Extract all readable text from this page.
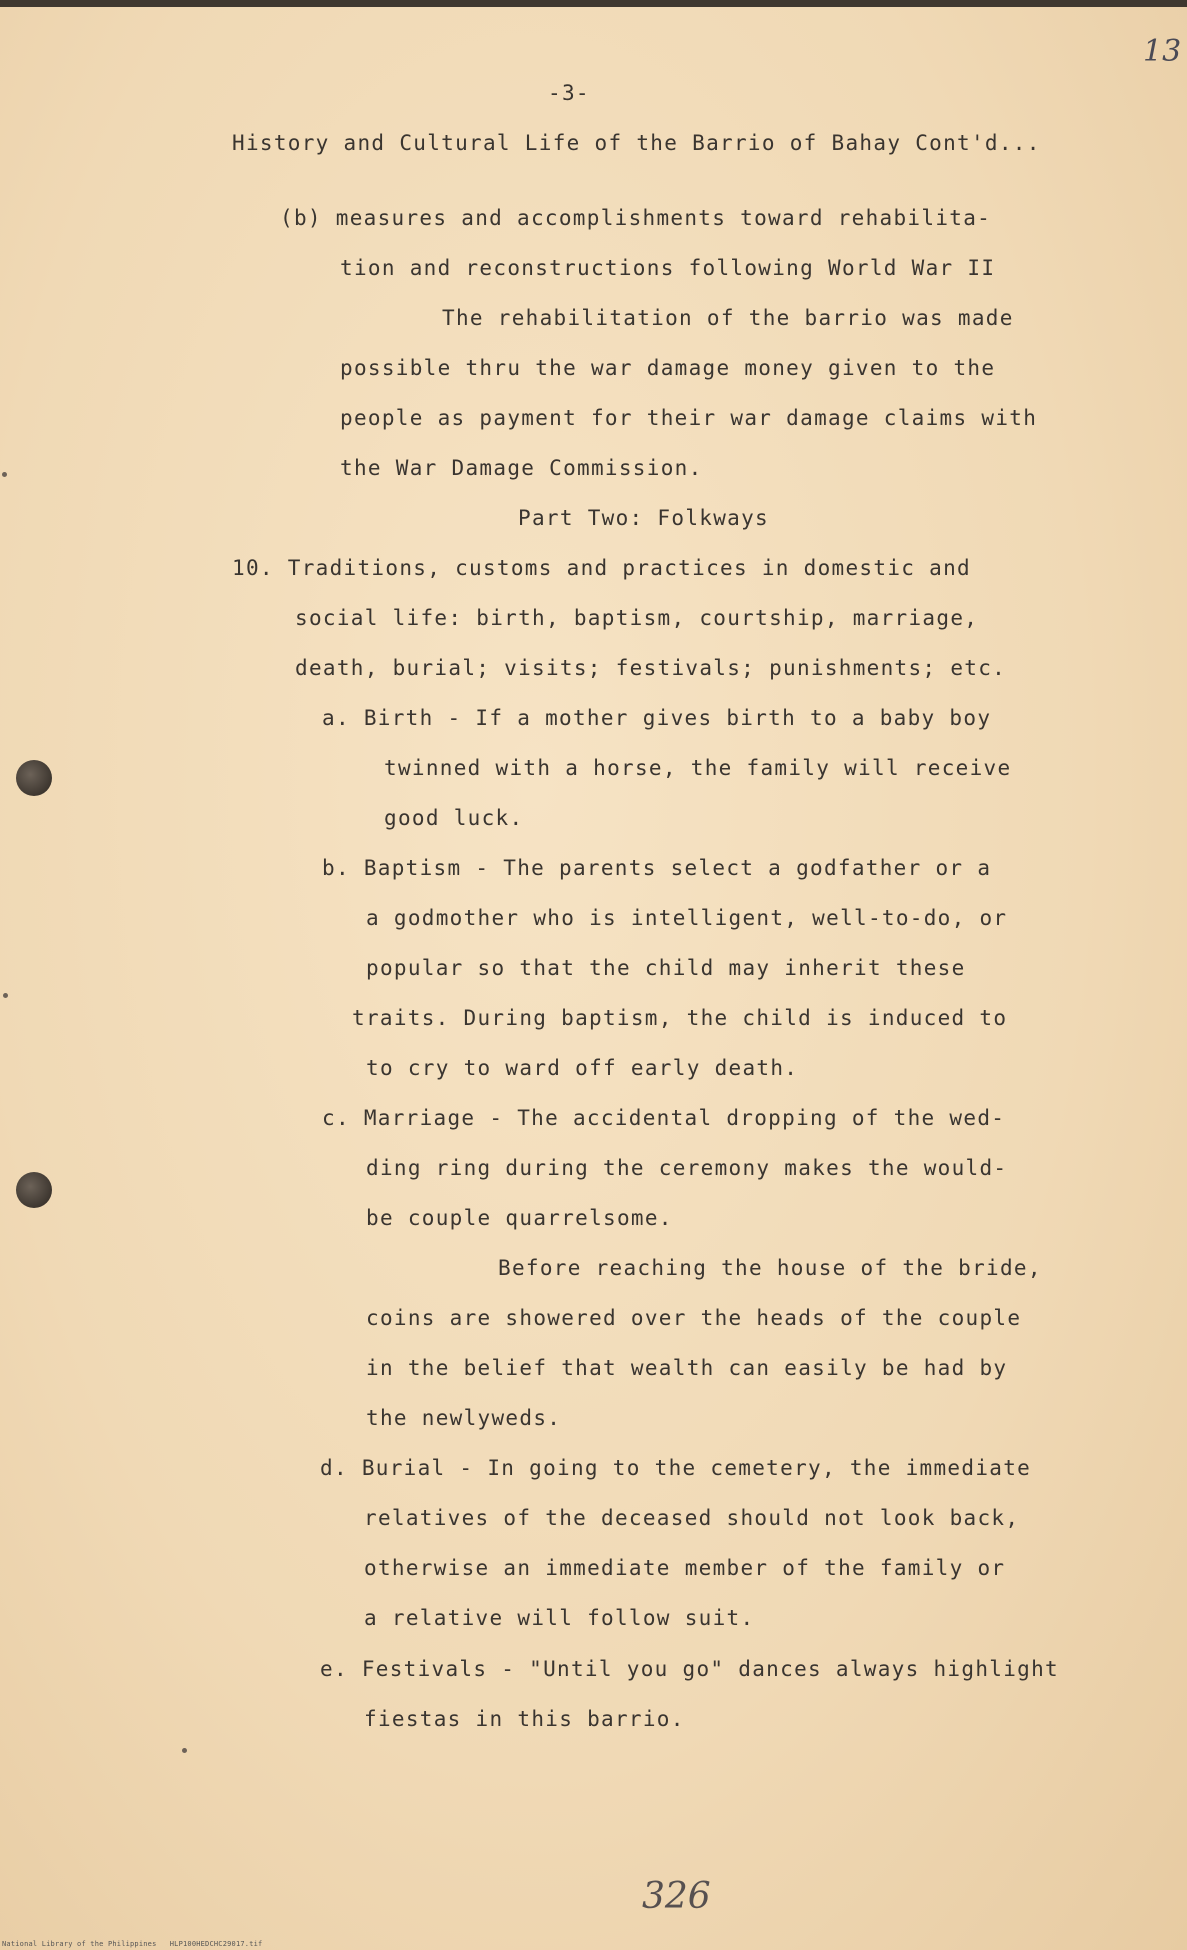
13
-3-
History and Cultural Life of the Barrio of Bahay Cont'd...
(b) measures and accomplishments toward rehabilita-
tion and reconstructions following World War II
The rehabilitation of the barrio was made
possible thru the war damage money given to the
people as payment for their war damage claims with
the War Damage Commission.
Part Two: Folkways
10. Traditions, customs and practices in domestic and
social life: birth, baptism, courtship, marriage,
death, burial; visits; festivals; punishments; etc.
a. Birth - If a mother gives birth to a baby boy
twinned with a horse, the family will receive
good luck.
b. Baptism - The parents select a godfather or a
a godmother who is intelligent, well-to-do, or
popular so that the child may inherit these
traits. During baptism, the child is induced to
to cry to ward off early death.
c. Marriage - The accidental dropping of the wed-
ding ring during the ceremony makes the would-
be couple quarrelsome.
Before reaching the house of the bride,
coins are showered over the heads of the couple
in the belief that wealth can easily be had by
the newlyweds.
d. Burial - In going to the cemetery, the immediate
relatives of the deceased should not look back,
otherwise an immediate member of the family or
a relative will follow suit.
e. Festivals - "Until you go" dances always highlight
fiestas in this barrio.
326
National Library of the Philippines   HLP100HEDCHC29017.tif
